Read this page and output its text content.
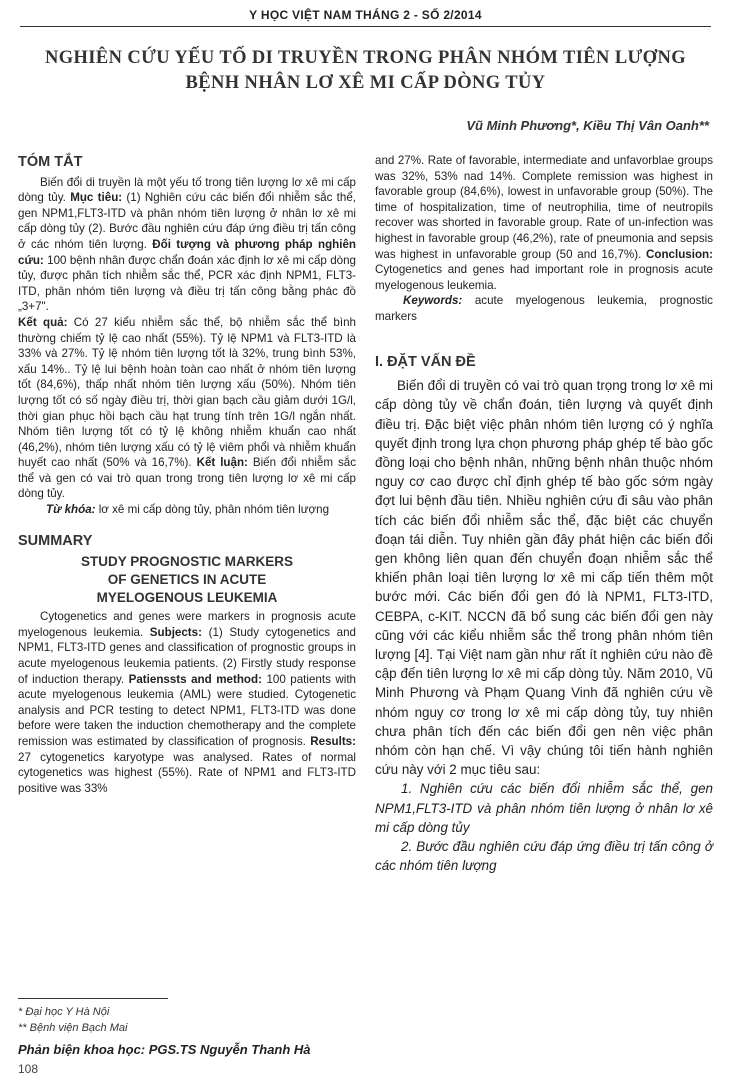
Y HỌC VIỆT NAM THÁNG 2 - SỐ 2/2014
NGHIÊN CỨU YẾU TỐ DI TRUYỀN TRONG PHÂN NHÓM TIÊN LƯỢNG
BỆNH NHÂN LƠ XÊ MI CẤP DÒNG TỦY
Vũ Minh Phương*, Kiều Thị Vân Oanh**
TÓM TẮT

Biến đổi di truyền là một yếu tố trong tiên lượng lơ xê mi cấp dòng tủy. Mục tiêu: (1) Nghiên cứu các biến đổi nhiễm sắc thể, gen NPM1,FLT3-ITD và phân nhóm tiên lượng ở nhân lơ xê mi cấp dòng tủy (2). Bước đầu nghiên cứu đáp ứng điều trị tấn công ở các nhóm tiên lượng. Đối tượng và phương pháp nghiên cứu: 100 bệnh nhân được chẩn đoán xác định lơ xê mi cấp dòng tủy, được phân tích nhiễm sắc thể, PCR xác định NPM1, FLT3-ITD, phân nhóm tiên lượng và điều trị tấn công bằng phác đồ „3+7".

Kết quả: Có 27 kiểu nhiễm sắc thể, bộ nhiễm sắc thể bình thường chiếm tỷ lệ cao nhất (55%). Tỷ lệ NPM1 và FLT3-ITD là 33% và 27%. Tỷ lệ nhóm tiên lượng tốt là 32%, trung bình 53%, xấu 14%.. Tỷ lệ lui bệnh hoàn toàn cao nhất ở nhóm tiên lượng tốt (84,6%), thấp nhất nhóm tiên lượng xấu (50%). Nhóm tiên lượng tốt có số ngày điều trị, thời gian bạch cầu giảm dưới 1G/l, thời gian phục hồi bạch cầu hạt trung tính trên 1G/l ngắn nhất. Nhóm tiên lượng tốt có tỷ lệ không nhiễm khuẩn cao nhất (46,2%), nhóm tiên lượng xấu có tỷ lệ viêm phổi và nhiễm khuẩn huyết cao nhất (50% và 16,7%). Kết luận: Biến đổi nhiễm sắc thể và gen có vai trò quan trong trong tiên lượng lơ xê mi cấp dòng tủy.

Từ khóa: lơ xê mi cấp dòng tủy, phân nhóm tiên lượng

SUMMARY
STUDY PROGNOSTIC MARKERS
OF GENETICS IN ACUTE
MYELOGENOUS LEUKEMIA

Cytogenetics and genes were markers in prognosis acute myelogenous leukemia. Subjects: (1) Study cytogenetics and NPM1, FLT3-ITD genes and classification of prognostic groups in acute myelogenous leukemia patients. (2) Firstly study response of induction therapy. Patienssts and method: 100 patients with acute myelogenous leukemia (AML) were studied. Cytogenetic analysis and PCR testing to detect NPM1, FLT3-ITD was done before were taken the induction chemotherapy and the complete remission was estimated by classification of prognosis. Results: 27 cytogenetics karyotype was analysed. Rates of normal cytogenetics was highest (55%). Rate of NPM1 and FLT3-ITD positive was 33%

and 27%. Rate of favorable, intermediate and unfavorblae groups was 32%, 53% nad 14%. Complete remission was highest in favorable group (84,6%), lowest in unfavorable group (50%). The time of hospitalization, time of neutrophilia, time of neutropils recover was shorted in favorable group. Rate of un-infection was highest in favorable group (46,2%), rate of pneumonia and sepsis was highest in unfavorable group (50 and 16,7%). Conclusion: Cytogenetics and genes had important role in prognosis acute myelogenous leukemia.

Keywords: acute myelogenous leukemia, prognostic markers

I. ĐẶT VẤN ĐỀ

Biến đổi di truyền có vai trò quan trọng trong lơ xê mi cấp dòng tủy về chẩn đoán, tiên lượng và quyết định điều trị. Đặc biệt việc phân nhóm tiên lượng có ý nghĩa quyết định trong lựa chọn phương pháp ghép tế bào gốc đồng loại cho bệnh nhân, những bệnh nhân thuộc nhóm nguy cơ cao được chỉ định ghép tế bào gốc sớm ngày đợt lui bệnh đầu tiên. Nhiều nghiên cứu đi sâu vào phân tích các biến đổi nhiễm sắc thể, đặc biệt các chuyển đoạn tái diễn. Tuy nhiên gần đây phát hiện các biến đổi gen không liên quan đến chuyển đoạn nhiễm sắc thể khiến phân loại tiên lượng lơ xê mi cấp tiến thêm một bước mới. Các biến đổi gen đó là NPM1, FLT3-ITD, CEBPA, c-KIT. NCCN đã bổ sung các biến đổi gen này cũng với các kiểu nhiễm sắc thể trong phân nhóm tiên lượng [4]. Tại Việt nam gần như rất ít nghiên cứu nào đề cập đến tiên lượng lơ xê mi cấp dòng tủy. Năm 2010, Vũ Minh Phương và Phạm Quang Vinh đã nghiên cứu về nhóm nguy cơ trong lơ xê mi cấp dòng tủy, tuy nhiên chưa phân tích đến các biến đổi gen nên việc phân nhóm còn hạn chế. Vì vậy chúng tôi tiến hành nghiên cứu này với 2 mục tiêu sau:

1. Nghiên cứu các biến đổi nhiễm sắc thể, gen NPM1,FLT3-ITD và phân nhóm tiên lượng ở nhân lơ xê mi cấp dòng tủy

2. Bước đầu nghiên cứu đáp ứng điều trị tấn công ở các nhóm tiên lượng

* Đại học Y Hà Nội
** Bệnh viện Bạch Mai
Phản biện khoa học: PGS.TS Nguyễn Thanh Hà
108
